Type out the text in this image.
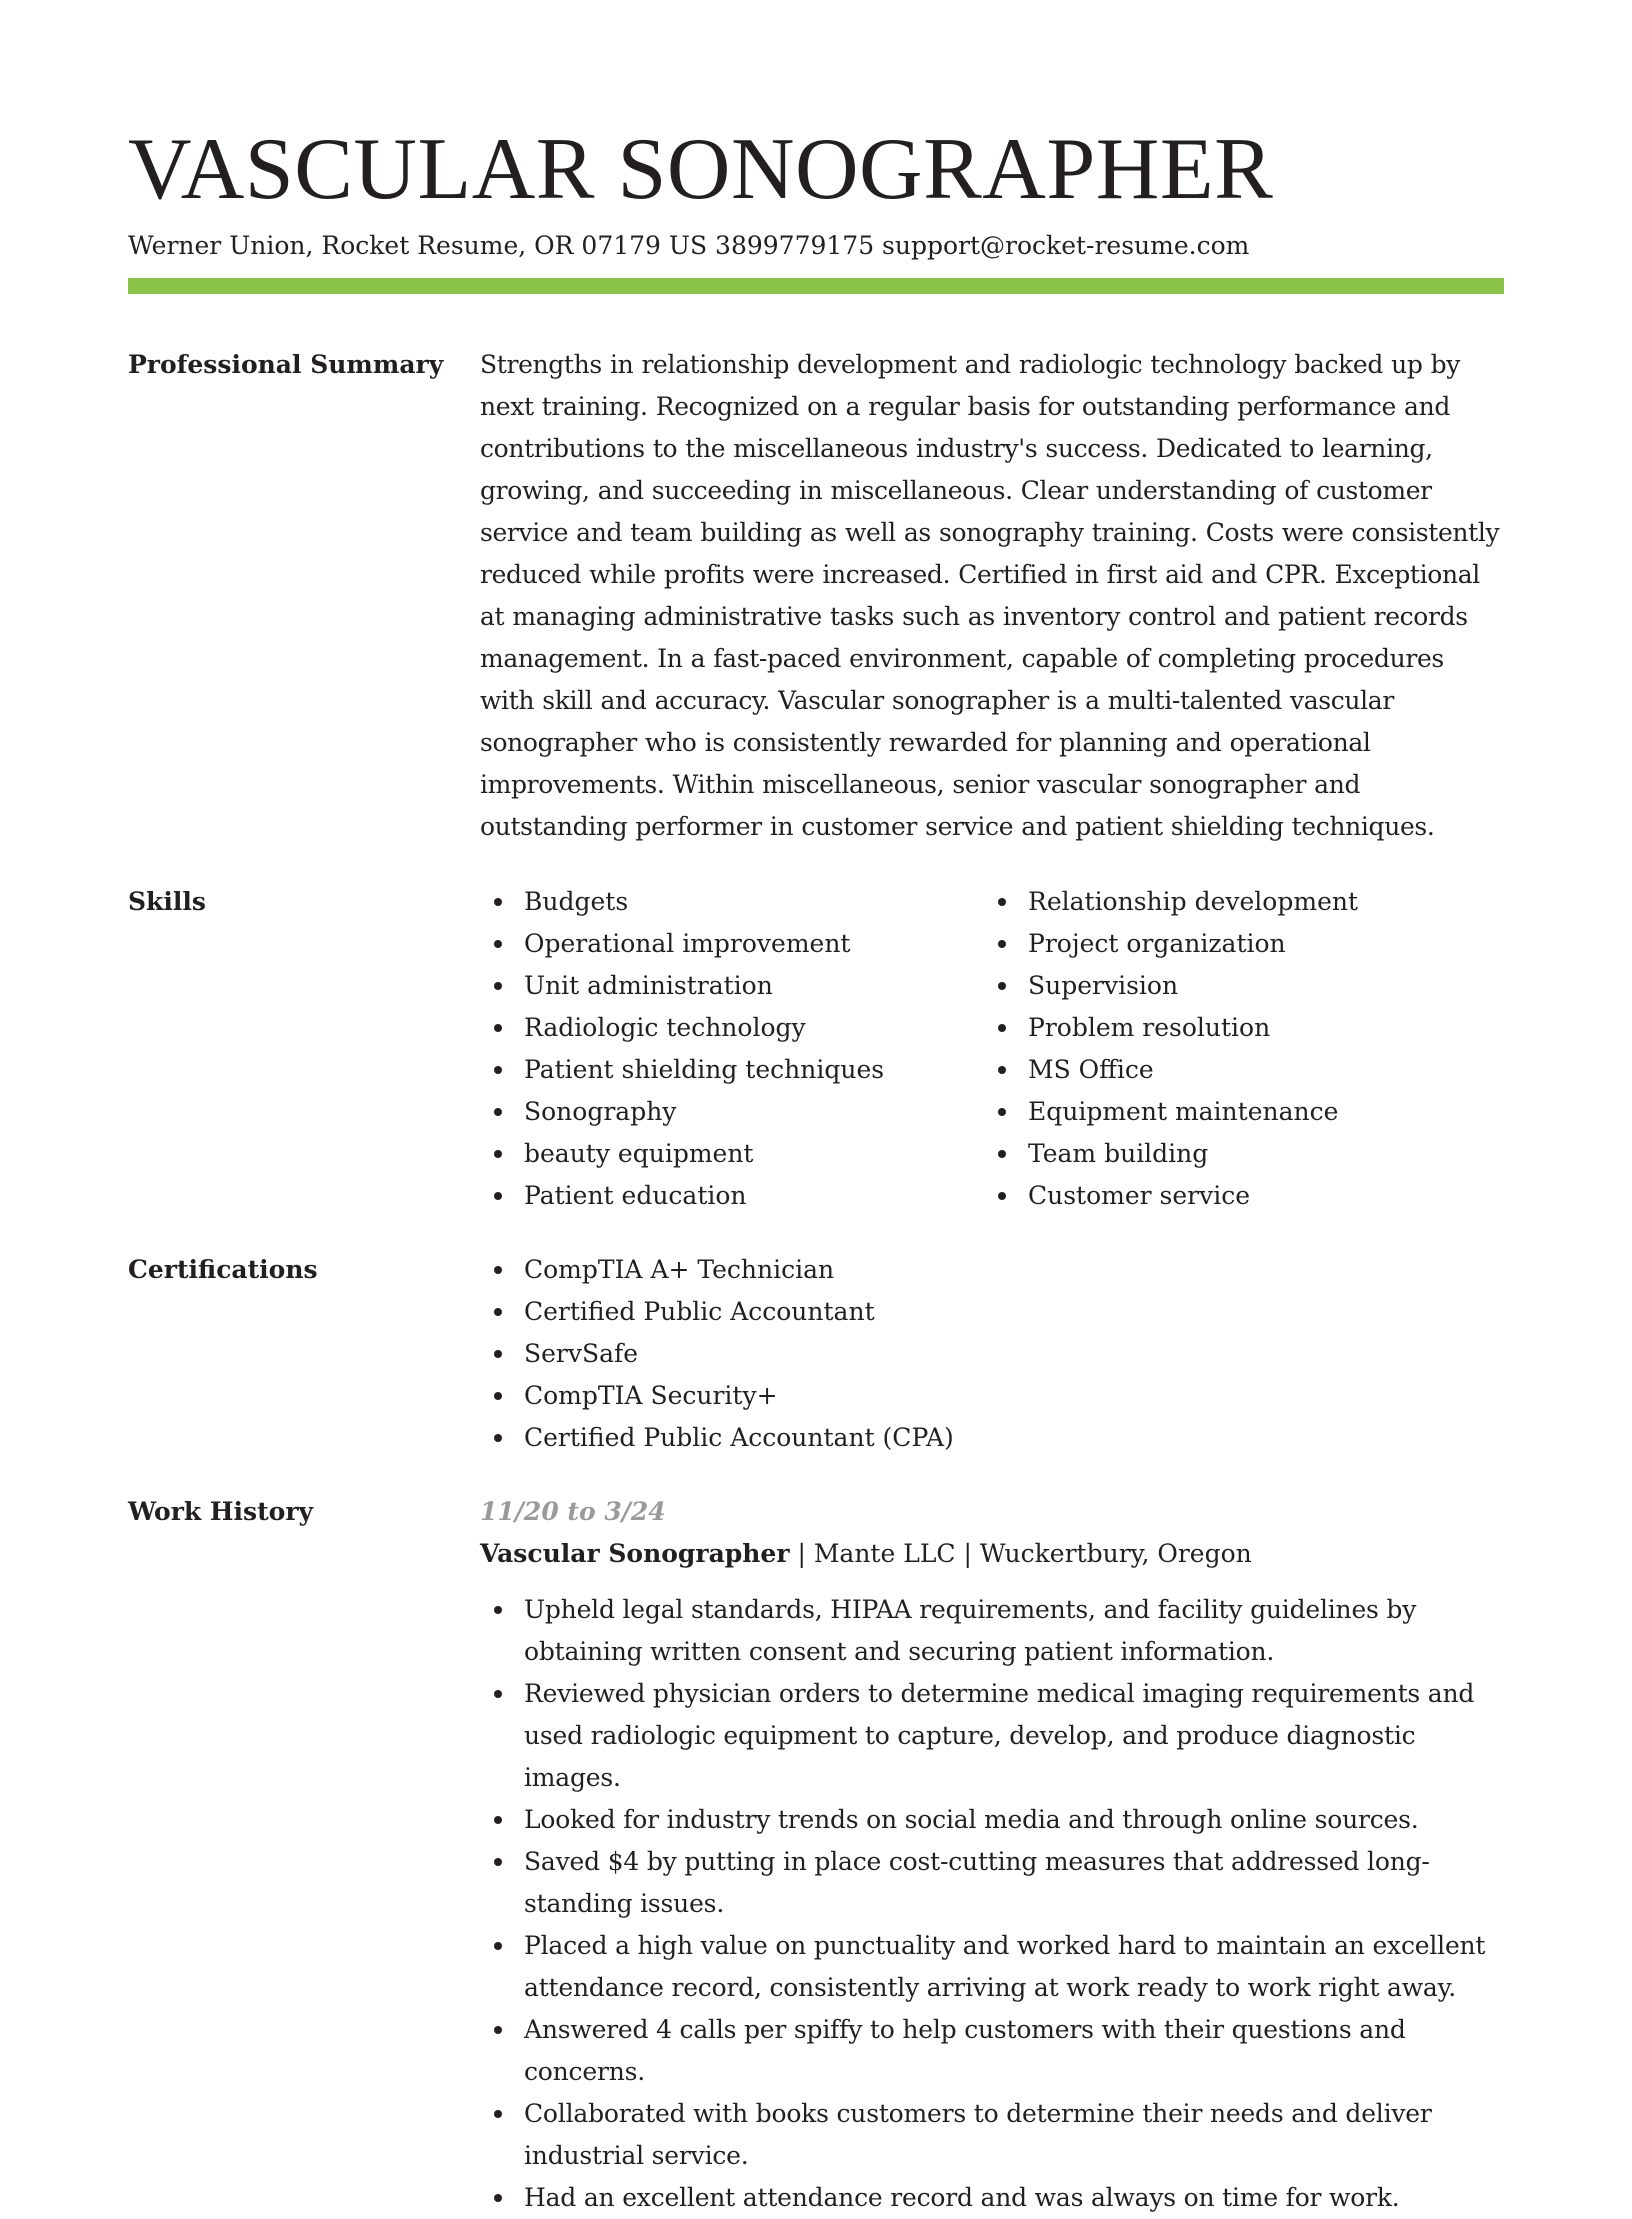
VASCULAR SONOGRAPHER
Werner Union, Rocket Resume, OR 07179 US 3899779175 support@rocket-resume.com
Professional Summary	Strengths in relationship development and radiologic technology backed up by next training. Recognized on a regular basis for outstanding performance and contributions to the miscellaneous industry's success. Dedicated to learning, growing, and succeeding in miscellaneous. Clear understanding of customer service and team building as well as sonography training. Costs were consistently reduced while profits were increased. Certified in first aid and CPR. Exceptional at managing administrative tasks such as inventory control and patient records management. In a fast-paced environment, capable of completing procedures with skill and accuracy. Vascular sonographer is a multi-talented vascular sonographer who is consistently rewarded for planning and operational improvements. Within miscellaneous, senior vascular sonographer and outstanding performer in customer service and patient shielding techniques.

Skills	Budgets
Operational improvement
Unit administration
Radiologic technology
Patient shielding techniques
Sonography
beauty equipment
Patient education
Relationship development
Project organization
Supervision
Problem resolution
MS Office
Equipment maintenance
Team building
Customer service
Certifications	CompTIA A+ Technician
Certified Public Accountant
ServSafe
CompTIA Security+
Certified Public Accountant (CPA)
Work History	11/20 to 3/24
Vascular Sonographer | Mante LLC | Wuckertbury, Oregon
Upheld legal standards, HIPAA requirements, and facility guidelines by obtaining written consent and securing patient information.
Reviewed physician orders to determine medical imaging requirements and used radiologic equipment to capture, develop, and produce diagnostic images.
Looked for industry trends on social media and through online sources.
Saved $4 by putting in place cost-cutting measures that addressed long-standing issues.
Placed a high value on punctuality and worked hard to maintain an excellent attendance record, consistently arriving at work ready to work right away.
Answered 4 calls per spiffy to help customers with their questions and concerns.
Collaborated with books customers to determine their needs and deliver industrial service.
Had an excellent attendance record and was always on time for work.
